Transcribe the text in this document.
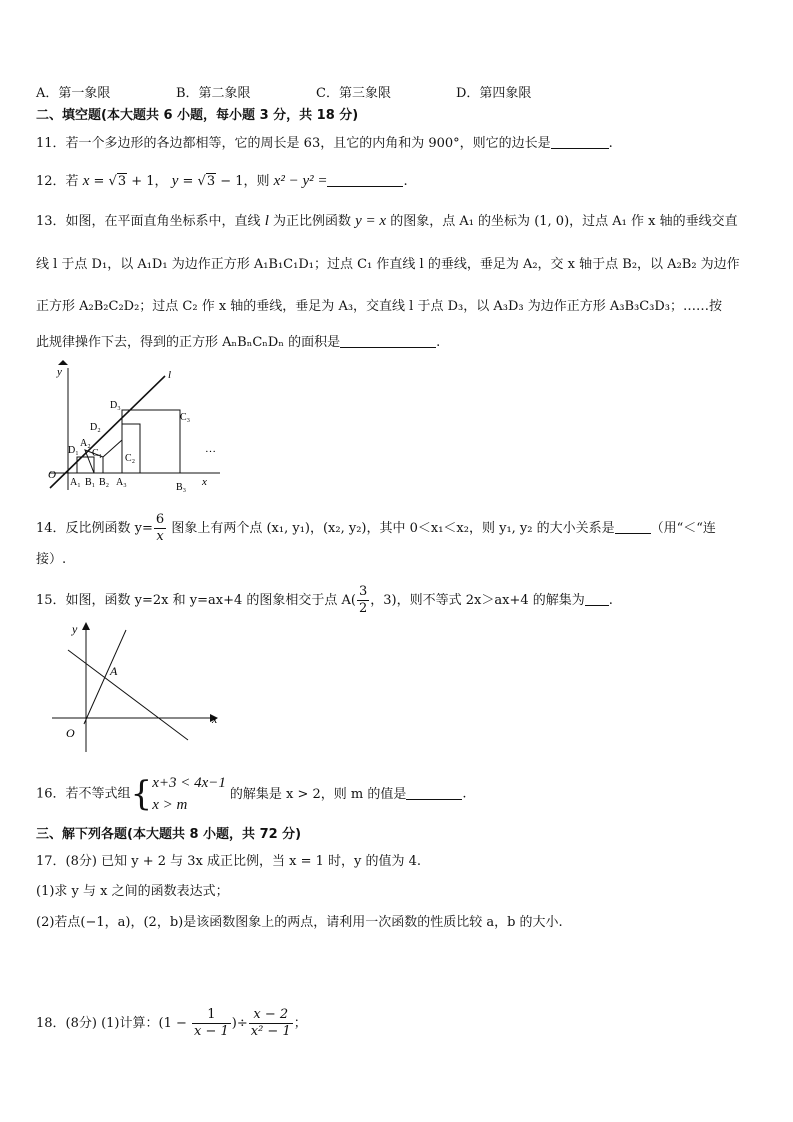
A．第一象限	B．第二象限	C．第三象限	D．第四象限
二、填空题(本大题共 6 小题，每小题 3 分，共 18 分)
11．若一个多边形的各边都相等，它的周长是 63，且它的内角和为 900°，则它的边长是	.
12．若 x = √3 + 1， y = √3 − 1，则 x² − y² =	.
13．如图，在平面直角坐标系中，直线 l 为正比例函数 y = x 的图象，点 A₁ 的坐标为 (1, 0)，过点 A₁ 作 x 轴的垂线交直
线 l 于点 D₁，以 A₁D₁ 为边作正方形 A₁B₁C₁D₁；过点 C₁ 作直线 l 的垂线，垂足为 A₂，交 x 轴于点 B₂，以 A₂B₂ 为边作
正方形 A₂B₂C₂D₂；过点 C₂ 作 x 轴的垂线，垂足为 A₃，交直线 l 于点 D₃，以 A₃D₃ 为边作正方形 A₃B₃C₃D₃；……按
此规律操作下去，得到的正方形 AₙBₙCₙDₙ 的面积是	.
y
x
O
l
…
D₁
A₂
C₁
D₂
C₂
D₃
C₃
A₁ B₁ B₂ A₃	B₃
14．反比例函数 $y= \frac{6}{x}$ 图象上有两个点 (x₁, y₁)，(x₂, y₂)，其中 0＜x₁＜x₂，则 y₁, y₂ 的大小关系是	（用“＜“连
接）.
15．如图，函数 y=2x 和 y=ax+4 的图象相交于点 $A( \frac{3}{2}$ ，3)，则不等式 2x＞ax+4 的解集为 .
y
x
O
A
16．若不等式组{ x+3 < 4x−1
x > m
的解集是 x > 2，则 m 的值是	.
三、解下列各题(本大题共 8 小题，共 72 分)
17．(8分) 已知 y + 2 与 3x 成正比例，当 x = 1 时，y 的值为 4.
(1)求 y 与 x 之间的函数表达式；
(2)若点(−1，a)，(2，b)是该函数图象上的两点，请利用一次函数的性质比较 a，b 的大小.
18．(8分) (1)计算：($1 - \frac{1}{x - 1}$ )÷ $\frac{x - 2}{\text{x² − 1}}$ ；
